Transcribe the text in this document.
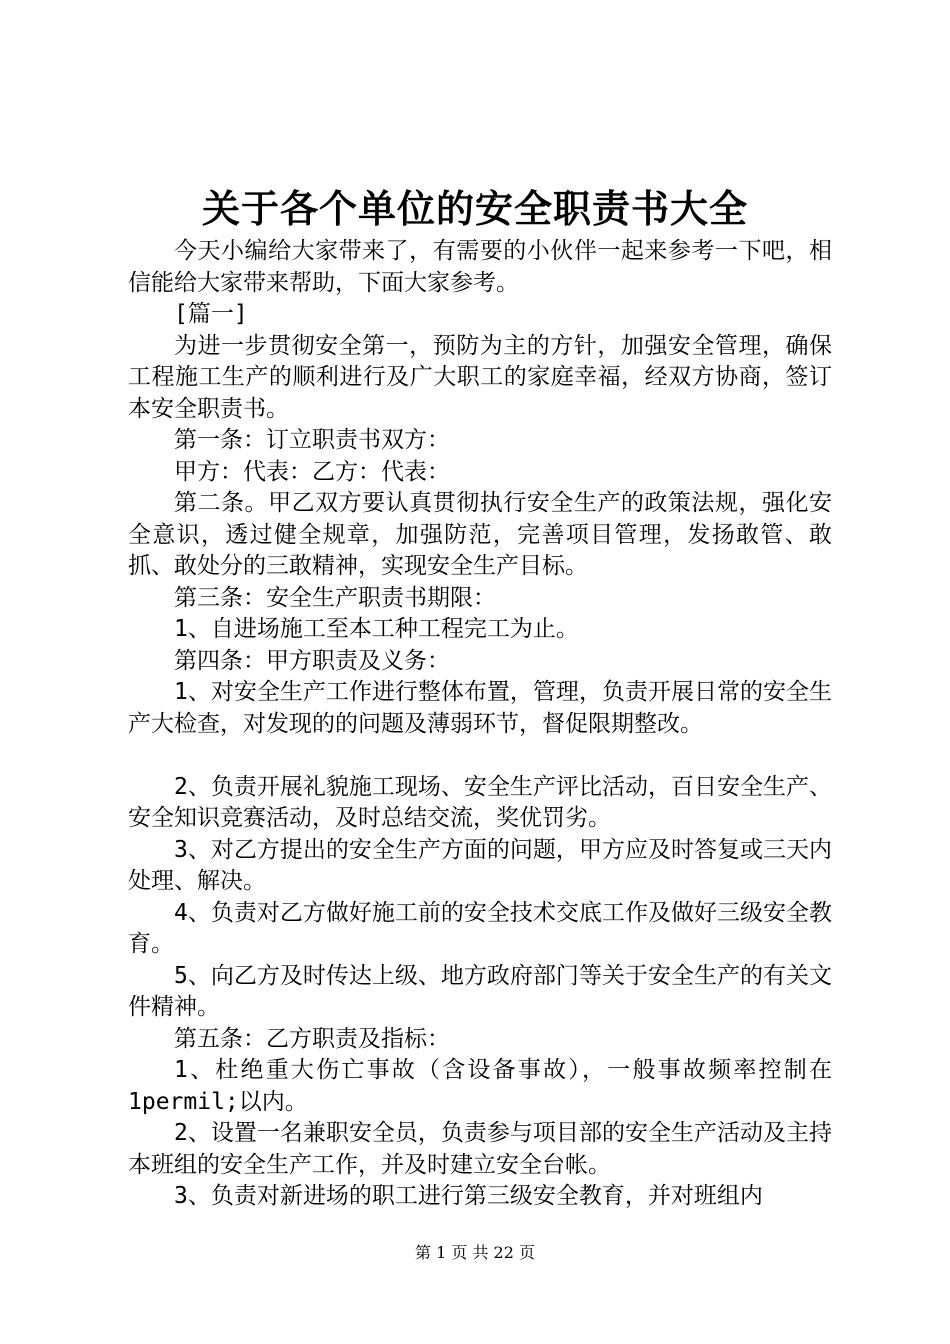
关于各个单位的安全职责书大全

今天小编给大家带来了，有需要的小伙伴一起来参考一下吧，相信能给大家带来帮助，下面大家参考。

[篇一]

为进一步贯彻安全第一，预防为主的方针，加强安全管理，确保工程施工生产的顺利进行及广大职工的家庭幸福，经双方协商，签订本安全职责书。

第一条：订立职责书双方：

甲方：代表：乙方：代表：

第二条。甲乙双方要认真贯彻执行安全生产的政策法规，强化安全意识，透过健全规章，加强防范，完善项目管理，发扬敢管、敢抓、敢处分的三敢精神，实现安全生产目标。

第三条：安全生产职责书期限：

1、自进场施工至本工种工程完工为止。

第四条：甲方职责及义务：

1、对安全生产工作进行整体布置，管理，负责开展日常的安全生产大检查，对发现的的问题及薄弱环节，督促限期整改。

2、负责开展礼貌施工现场、安全生产评比活动，百日安全生产、安全知识竞赛活动，及时总结交流，奖优罚劣。

3、对乙方提出的安全生产方面的问题，甲方应及时答复或三天内处理、解决。

4、负责对乙方做好施工前的安全技术交底工作及做好三级安全教育。

5、向乙方及时传达上级、地方政府部门等关于安全生产的有关文件精神。

第五条：乙方职责及指标：

1、杜绝重大伤亡事故（含设备事故），一般事故频率控制在1permil;以内。

2、设置一名兼职安全员，负责参与项目部的安全生产活动及主持本班组的安全生产工作，并及时建立安全台帐。

3、负责对新进场的职工进行第三级安全教育，并对班组内

第 1 页 共 22 页
